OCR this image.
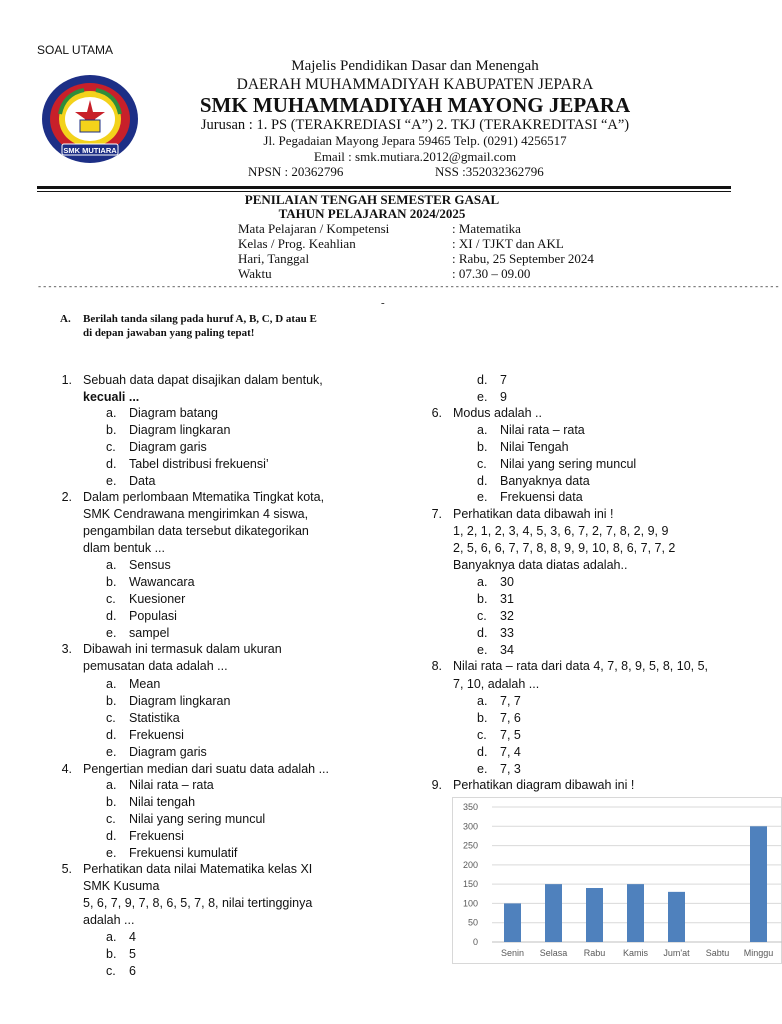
SOAL UTAMA
SMK MUTIARA
Majelis Pendidikan Dasar dan Menengah
DAERAH MUHAMMADIYAH KABUPATEN JEPARA
SMK MUHAMMADIYAH MAYONG JEPARA
Jurusan : 1. PS (TERAKREDIASI “A”) 2. TKJ (TERAKREDITASI “A”)
Jl. Pegadaian Mayong Jepara 59465 Telp. (0291) 4256517
Email : smk.mutiara.2012@gmail.com
NPSN : 20362796	NSS :352032362796
PENILAIAN TENGAH SEMESTER GASAL
TAHUN PELAJARAN 2024/2025
Mata Pelajaran / Kompetensi	: Matematika
Kelas / Prog. Keahlian	: XI / TJKT dan AKL
Hari, Tanggal	: Rabu, 25 September 2024
Waktu	: 07.30 – 09.00
------------------------------------------------------------------------------------------------------------------------------------------------
-
A. Berilah tanda silang pada huruf A, B, C, D atau E
di depan jawaban yang paling tepat!
1. Sebuah data dapat disajikan dalam bentuk,
kecuali ...
a. Diagram batang
b. Diagram lingkaran
c. Diagram garis
d. Tabel distribusi frekuensi’
e. Data
2. Dalam perlombaan Mtematika Tingkat kota,
SMK Cendrawana mengirimkan 4 siswa,
pengambilan data tersebut dikategorikan
dlam bentuk ...
a. Sensus
b. Wawancara
c. Kuesioner
d. Populasi
e. sampel
3. Dibawah ini termasuk dalam ukuran
pemusatan data adalah ...
a. Mean
b. Diagram lingkaran
c. Statistika
d. Frekuensi
e. Diagram garis
4. Pengertian median dari suatu data adalah ...
a. Nilai rata – rata
b. Nilai tengah
c. Nilai yang sering muncul
d. Frekuensi
e. Frekuensi kumulatif
5. Perhatikan data nilai Matematika kelas XI
SMK Kusuma
5, 6, 7, 9, 7, 8, 6, 5, 7, 8, nilai tertingginya
adalah ...
a. 4
b. 5
c. 6
d. 7
e. 9
6. Modus adalah ..
a. Nilai rata – rata
b. Nilai Tengah
c. Nilai yang sering muncul
d. Banyaknya data
e. Frekuensi data
7. Perhatikan data dibawah ini !
1, 2, 1, 2, 3, 4, 5, 3, 6, 7, 2, 7, 8, 2, 9, 9
2, 5, 6, 6, 7, 7, 8, 8, 9, 9, 10, 8, 6, 7, 7, 2
Banyaknya data diatas adalah..
a. 30
b. 31
c. 32
d. 33
e. 34
8. Nilai rata – rata dari data 4, 7, 8, 9, 5, 8, 10, 5,
7, 10, adalah ...
a. 7, 7
b. 7, 6
c. 7, 5
d. 7, 4
e. 7, 3
9. Perhatikan diagram dibawah ini !
0
50
100
150
200
250
300
350
Senin Selasa Rabu Kamis Jum'at Sabtu Minggu
